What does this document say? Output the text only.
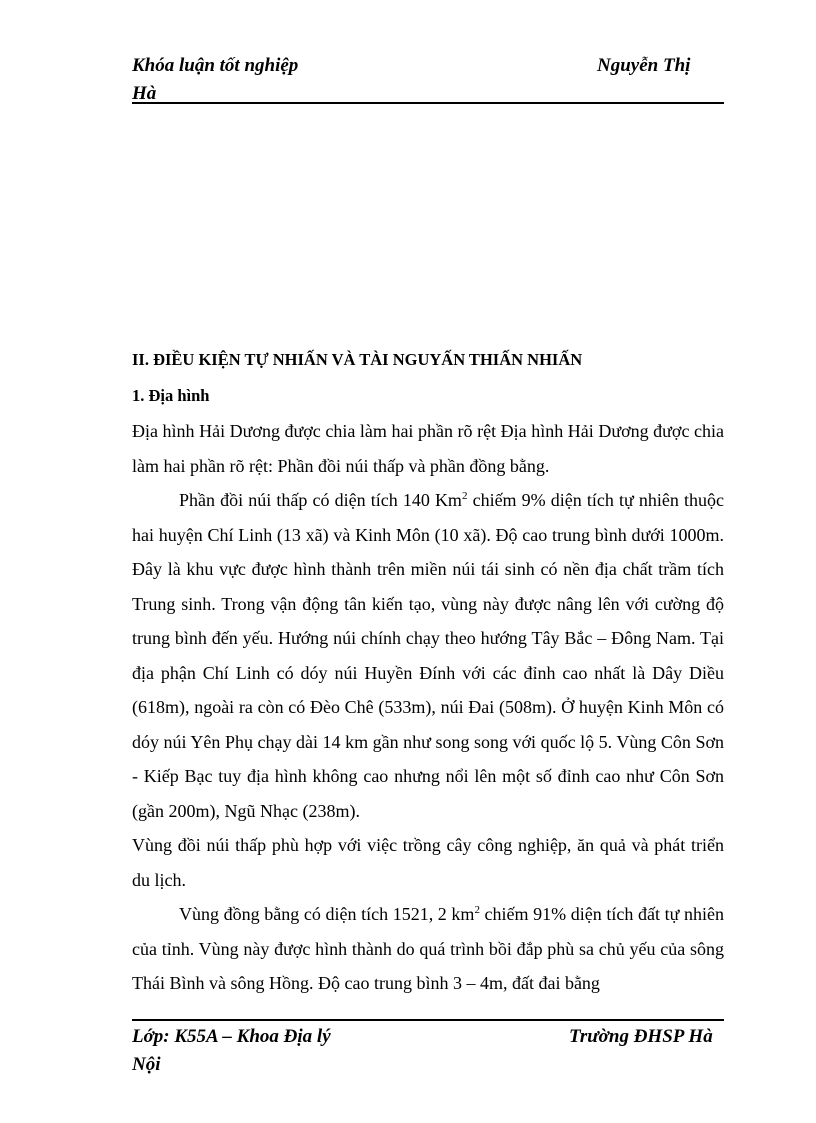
Khóa luận tốt nghiệp	Nguyễn Thị
Hà
II. ĐIỀU KIỆN TỰ NHIẤN VÀ TÀI NGUYẤN THIẤN NHIẤN
1. Địa hình

Địa hình Hải Dương được chia làm hai phần rõ rệt Địa hình Hải Dương được chia làm hai phần rõ rệt: Phần đồi núi thấp và phần đồng bằng.

Phần đồi núi thấp có diện tích 140 Km$^2$ chiếm 9% diện tích tự nhiên thuộc hai huyện Chí Linh (13 xã) và Kinh Môn (10 xã). Độ cao trung bình dưới 1000m. Đây là khu vực được hình thành trên miền núi tái sinh có nền địa chất trầm tích Trung sinh. Trong vận động tân kiến tạo, vùng này được nâng lên với cường độ trung bình đến yếu. Hướng núi chính chạy theo hướng Tây Bắc – Đông Nam. Tại địa phận Chí Linh có dóy núi Huyền Đính với các đỉnh cao nhất là Dây Diều (618m), ngoài ra còn có Đèo Chê (533m), núi Đai (508m). Ở huyện Kinh Môn có dóy núi Yên Phụ chạy dài 14 km gần như song song với quốc lộ 5. Vùng Côn Sơn - Kiếp Bạc tuy địa hình không cao nhưng nổi lên một số đỉnh cao như Côn Sơn (gần 200m), Ngũ Nhạc (238m).

Vùng đồi núi thấp phù hợp với việc trồng cây công nghiệp, ăn quả và phát triển du lịch.

Vùng đồng bằng có diện tích 1521, 2 $km^2$ chiếm 91% diện tích đất tự nhiên của tỉnh. Vùng này được hình thành do quá trình bồi đắp phù sa chủ yếu của sông Thái Bình và sông Hồng. Độ cao trung bình 3 – 4m, đất đai bằng

Lớp: K55A – Khoa Địa lý	Trường ĐHSP Hà
Nội
